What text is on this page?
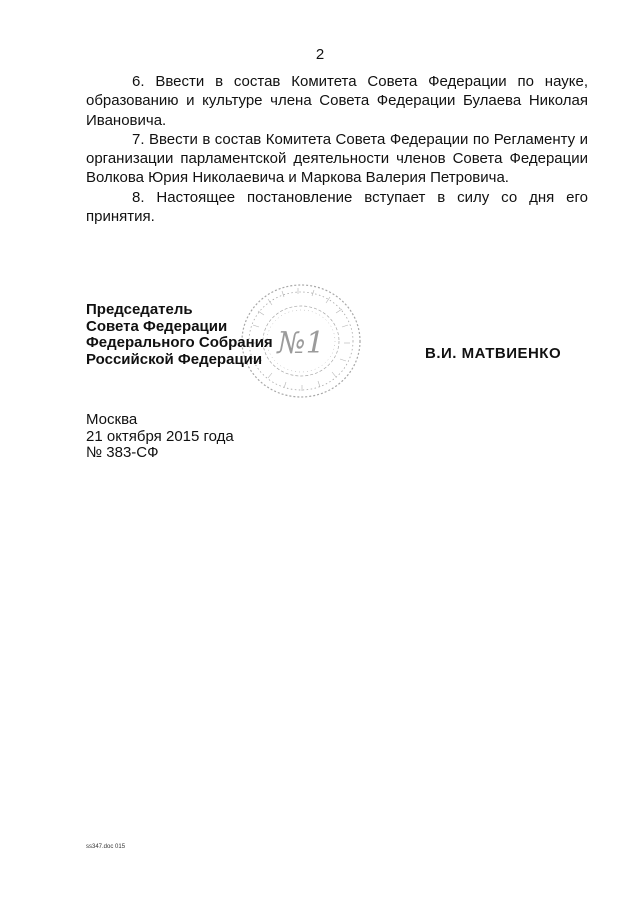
2

6. Ввести в состав Комитета Совета Федерации по науке, образованию и культуре члена Совета Федерации Булаева Николая Ивановича.

7. Ввести в состав Комитета Совета Федерации по Регламенту и организации парламентской деятельности членов Совета Федерации Волкова Юрия Николаевича и Маркова Валерия Петровича.

8. Настоящее постановление вступает в силу со дня его принятия.

№1
Председатель
Совета Федерации
Федерального Собрания
Российской Федерации	В.И. МАТВИЕНКО
Москва
21 октября 2015 года
№ 383-СФ
ss347.doc 015
